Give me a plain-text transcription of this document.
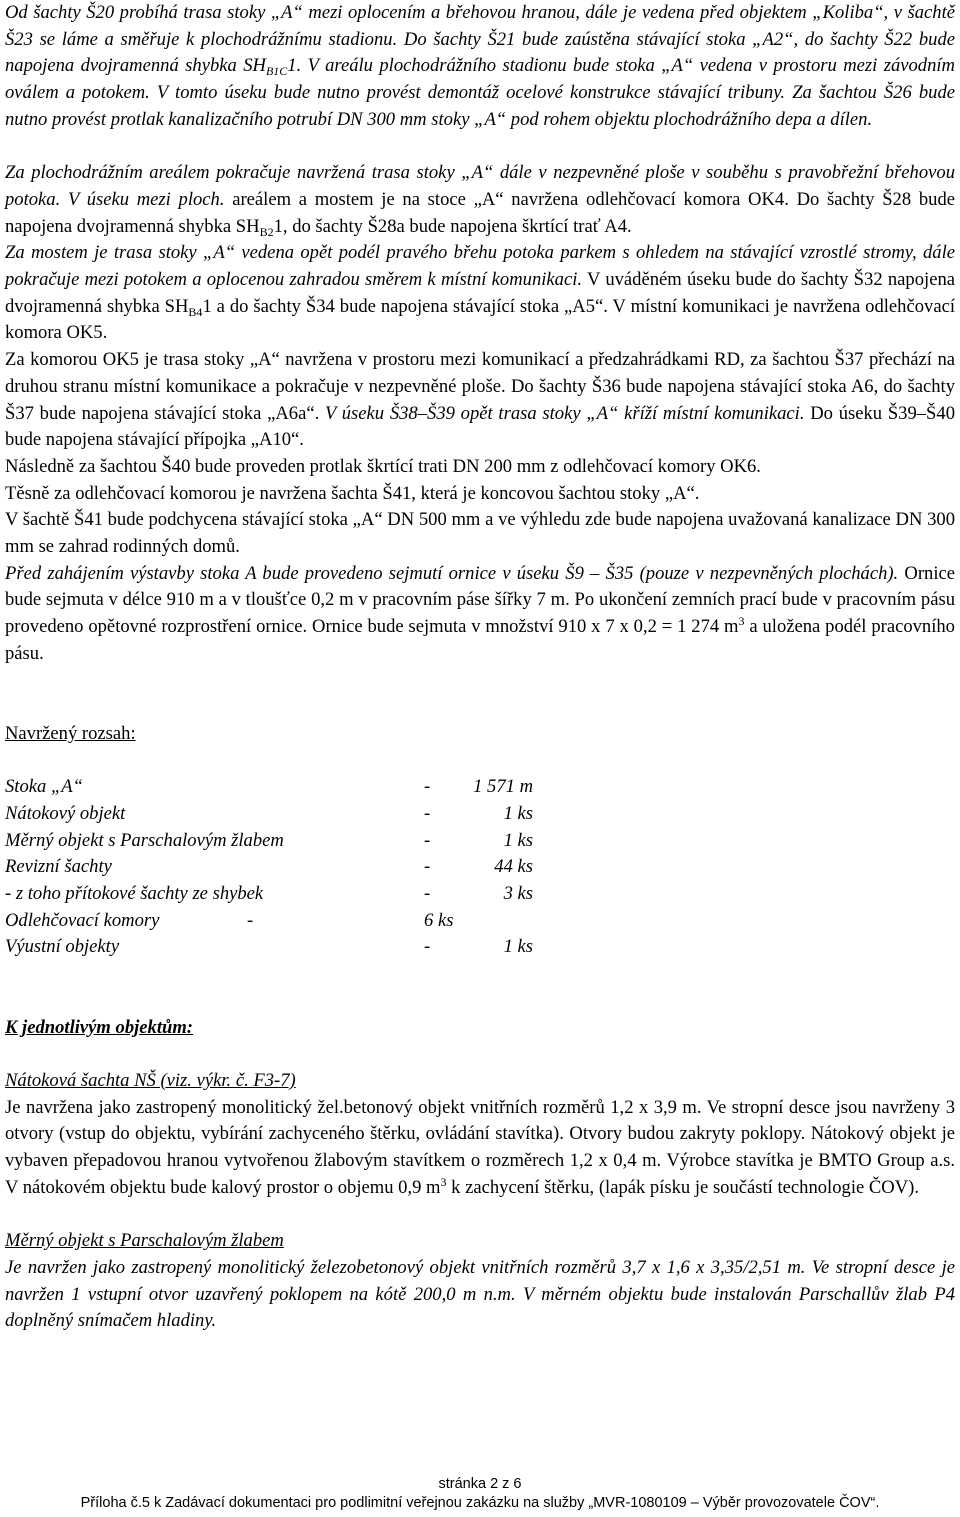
Od šachty Š20 probíhá trasa stoky „A“ mezi oplocením a břehovou hranou, dále je vedena před objektem „Koliba“, v šachtě Š23 se láme a směřuje k plochodrážnímu stadionu. Do šachty Š21 bude zaústěna stávající stoka „A2“, do šachty Š22 bude napojena dvojramenná shybka $SH_{B1C}1$. V areálu plochodrážního stadionu bude stoka „A“ vedena v prostoru mezi závodním oválem a potokem. V tomto úseku bude nutno provést demontáž ocelové konstrukce stávající tribuny. Za šachtou Š26 bude nutno provést protlak kanalizačního potrubí DN 300 mm stoky „A“ pod rohem objektu plochodrážního depa a dílen.

Za plochodrážním areálem pokračuje navržená trasa stoky „A“ dále v nezpevněné ploše v souběhu s pravobřežní břehovou potoka. V úseku mezi ploch. areálem a mostem je na stoce „A“ navržena odlehčovací komora OK4. Do šachty Š28 bude napojena dvojramenná shybka $SH_{B2}1$, do šachty Š28a bude napojena škrtící trať A4.

Za mostem je trasa stoky „A“ vedena opět podél pravého břehu potoka parkem s ohledem na stávající vzrostlé stromy, dále pokračuje mezi potokem a oplocenou zahradou směrem k místní komunikaci. V uváděném úseku bude do šachty Š32 napojena dvojramenná shybka $SH_{B4}1$ a do šachty Š34 bude napojena stávající stoka „A5“. V místní komunikaci je navržena odlehčovací komora OK5.

Za komorou OK5 je trasa stoky „A“ navržena v prostoru mezi komunikací a předzahrádkami RD, za šachtou Š37 přechází na druhou stranu místní komunikace a pokračuje v nezpevněné ploše. Do šachty Š36 bude napojena stávající stoka A6, do šachty Š37 bude napojena stávající stoka „A6a“. V úseku Š38–Š39 opět trasa stoky „A“ kříží místní komunikaci. Do úseku Š39–Š40 bude napojena stávající přípojka „A10“.

Následně za šachtou Š40 bude proveden protlak škrtící trati DN 200 mm z odlehčovací komory OK6.

Těsně za odlehčovací komorou je navržena šachta Š41, která je koncovou šachtou stoky „A“.

V šachtě Š41 bude podchycena stávající stoka „A“ DN 500 mm a ve výhledu zde bude napojena uvažovaná kanalizace DN 300 mm se zahrad rodinných domů.

Před zahájením výstavby stoka A bude provedeno sejmutí ornice v úseku Š9 – Š35 (pouze v nezpevněných plochách). Ornice bude sejmuta v délce 910 m a v tloušťce 0,2 m v pracovním páse šířky 7 m. Po ukončení zemních prací bude v pracovním pásu provedeno opětovné rozprostření ornice. Ornice bude sejmuta v množství 910 x 7 x 0,2 = 1 274 $m^3$ a uložena podél pracovního pásu.

Navržený rozsah:

Stoka „A“	- 1 571 m
Nátokový objekt	-	1 ks
Měrný objekt s Parschalovým žlabem	-	1 ks
Revizní šachty	-	44 ks
- z toho přítokové šachty ze shybek	-	3 ks
Odlehčovací komory	-	6 ks
Výustní objekty	-	1 ks

K jednotlivým objektům:

Nátoková šachta NŠ (viz. výkr. č. F3-7)

Je navržena jako zastropený monolitický žel.betonový objekt vnitřních rozměrů 1,2 x 3,9 m. Ve stropní desce jsou navrženy 3 otvory (vstup do objektu, vybírání zachyceného štěrku, ovládání stavítka). Otvory budou zakryty poklopy. Nátokový objekt je vybaven přepadovou hranou vytvořenou žlabovým stavítkem o rozměrech 1,2 x 0,4 m. Výrobce stavítka je BMTO Group a.s. V nátokovém objektu bude kalový prostor o objemu 0,9 $m^3$ k zachycení štěrku, (lapák písku je součástí technologie ČOV).

Měrný objekt s Parschalovým žlabem

Je navržen jako zastropený monolitický železobetonový objekt vnitřních rozměrů 3,7 x 1,6 x 3,35/2,51 m. Ve stropní desce je navržen 1 vstupní otvor uzavřený poklopem na kótě 200,0 m n.m. V měrném objektu bude instalován Parschallův žlab P4 doplněný snímačem hladiny.

stránka 2 z 6
Příloha č.5 k Zadávací dokumentaci pro podlimitní veřejnou zakázku na služby „MVR-1080109 – Výběr provozovatele ČOV“.
